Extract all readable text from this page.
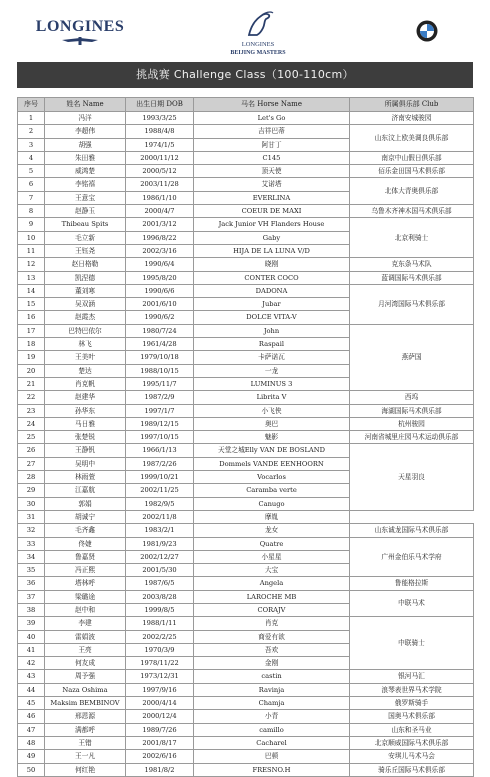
LONGINES
LONGINES
BEIJING MASTERS
挑战赛 Challenge Class（100-110cm）
序号	姓名 Name	出生日期 DOB	马名 Horse Name	所属俱乐部 Club	
1	冯洋	1993/3/25	Let's Go	济南安城骏园	
2	李超伟	1988/4/8	吉祥巴蒂	山东汶上欧美调良俱乐部	
3	胡强	1974/1/5	阿甘丁		
4	朱田雅	2000/11/12	C145	南京中山假日俱乐部	
5	威鸿楚	2000/5/12	顶天使	佰乐金田国马术俱乐部	
6	李铭禧	2003/11/28	艾诺塔	北体大青奥俱乐部	
7	王意宝	1986/1/10	EVERLINA		
8	赵静玉	2000/4/7	COEUR DE MAXI	乌鲁木齐神木国马术俱乐部	
9	Thibeau Spits	2001/3/12	Jack Junior VH Flanders House	北京利骑士	
10	毛立新	1996/8/22	Gaby		
11	王钰尧	2002/3/16	HIJA DE LA LUNA V/D		
12	赵日格勒	1990/6/4	晓刚	克东条马术队	
13	凯涅德	1995/8/20	CONTER COCO	蓝调国际马术俱乐部	
14	董刘寒	1990/6/6	DADONA	月河湾国际马术俱乐部	
15	吴双涵	2001/6/10	Jubar		
16	赵霞杰	1990/6/2	DOLCE VITA-V		
17	巴特巴依尔	1980/7/24	John	燕萨国	
18	林飞	1961/4/28	Raspail		
19	王美叶	1979/10/18	卡萨诺瓦		
20	楚达	1988/10/15	一龙	
21	肖克帆	1995/11/7	LUMINUS 3	
22	赵建华	1987/2/9	Librita V	西坞	
23	孙华东	1997/1/7	小飞侠	海湖国际马术俱乐部	
24	马日雅	1989/12/15	奥巴	杭州骏园	
25	张楚锐	1997/10/15	魅影	河南省城里庄园马术运动俱乐部	
26	王静钒	1966/1/13	天堂之城Elly VAN DE BOSLAND	天星羽良	
27	吴明中	1987/2/26	Dommels VANDE EENHOORN		
28	林雨萱	1999/10/21	Vocarlos		
29	江嘉航	2002/11/25	Caramba verte		
30	郭娟	1982/9/5	Canugo		
31	胡诚宁	2002/11/8	摩胤		
32	毛齐鑫	1983/2/1	龙女	山东诚龙国际马术俱乐部	
33	佟婕	1981/9/23	Quatre	广州金伯乐马术学府	
34	鲁嘉贤	2002/12/27	小星星		
35	冯正熙	2001/5/30	大宝		
36	塔林呼	1987/6/5	Angela	鲁能格拉斯	
37	梁璐途	2003/8/28	LAROCHE MB	中联马术	
38	赵中和	1999/8/5	CORAJV		
39	李建	1988/1/11	肖克	中联骑士	
40	雷娟波	2002/2/25	商爱有欲		
41	王亮	1970/3/9	吾欢		
42	何友成	1978/11/22	金刚		
43	周予强	1973/12/31	castin	银河马汇	
44	Naza Oshima	1997/9/16	Ravinja	浪琴表世界马术学院	
45	Maksim BEMBINOV	2000/4/14	Chamja	俄罗斯骑手	
46	邢恩源	2000/12/4	小青	国奥马术俱乐部	
47	满都呼	1989/7/26	camillo	山东和圣马业	
48	王错	2001/8/17	Cacharel	北京顺威国际马术俱乐部	
49	王一凡	2002/6/16	巴顿	安琪儿马术马会	
50	何红艳	1981/8/2	FRESNO.H	骑乐丘国际马术俱乐部	
